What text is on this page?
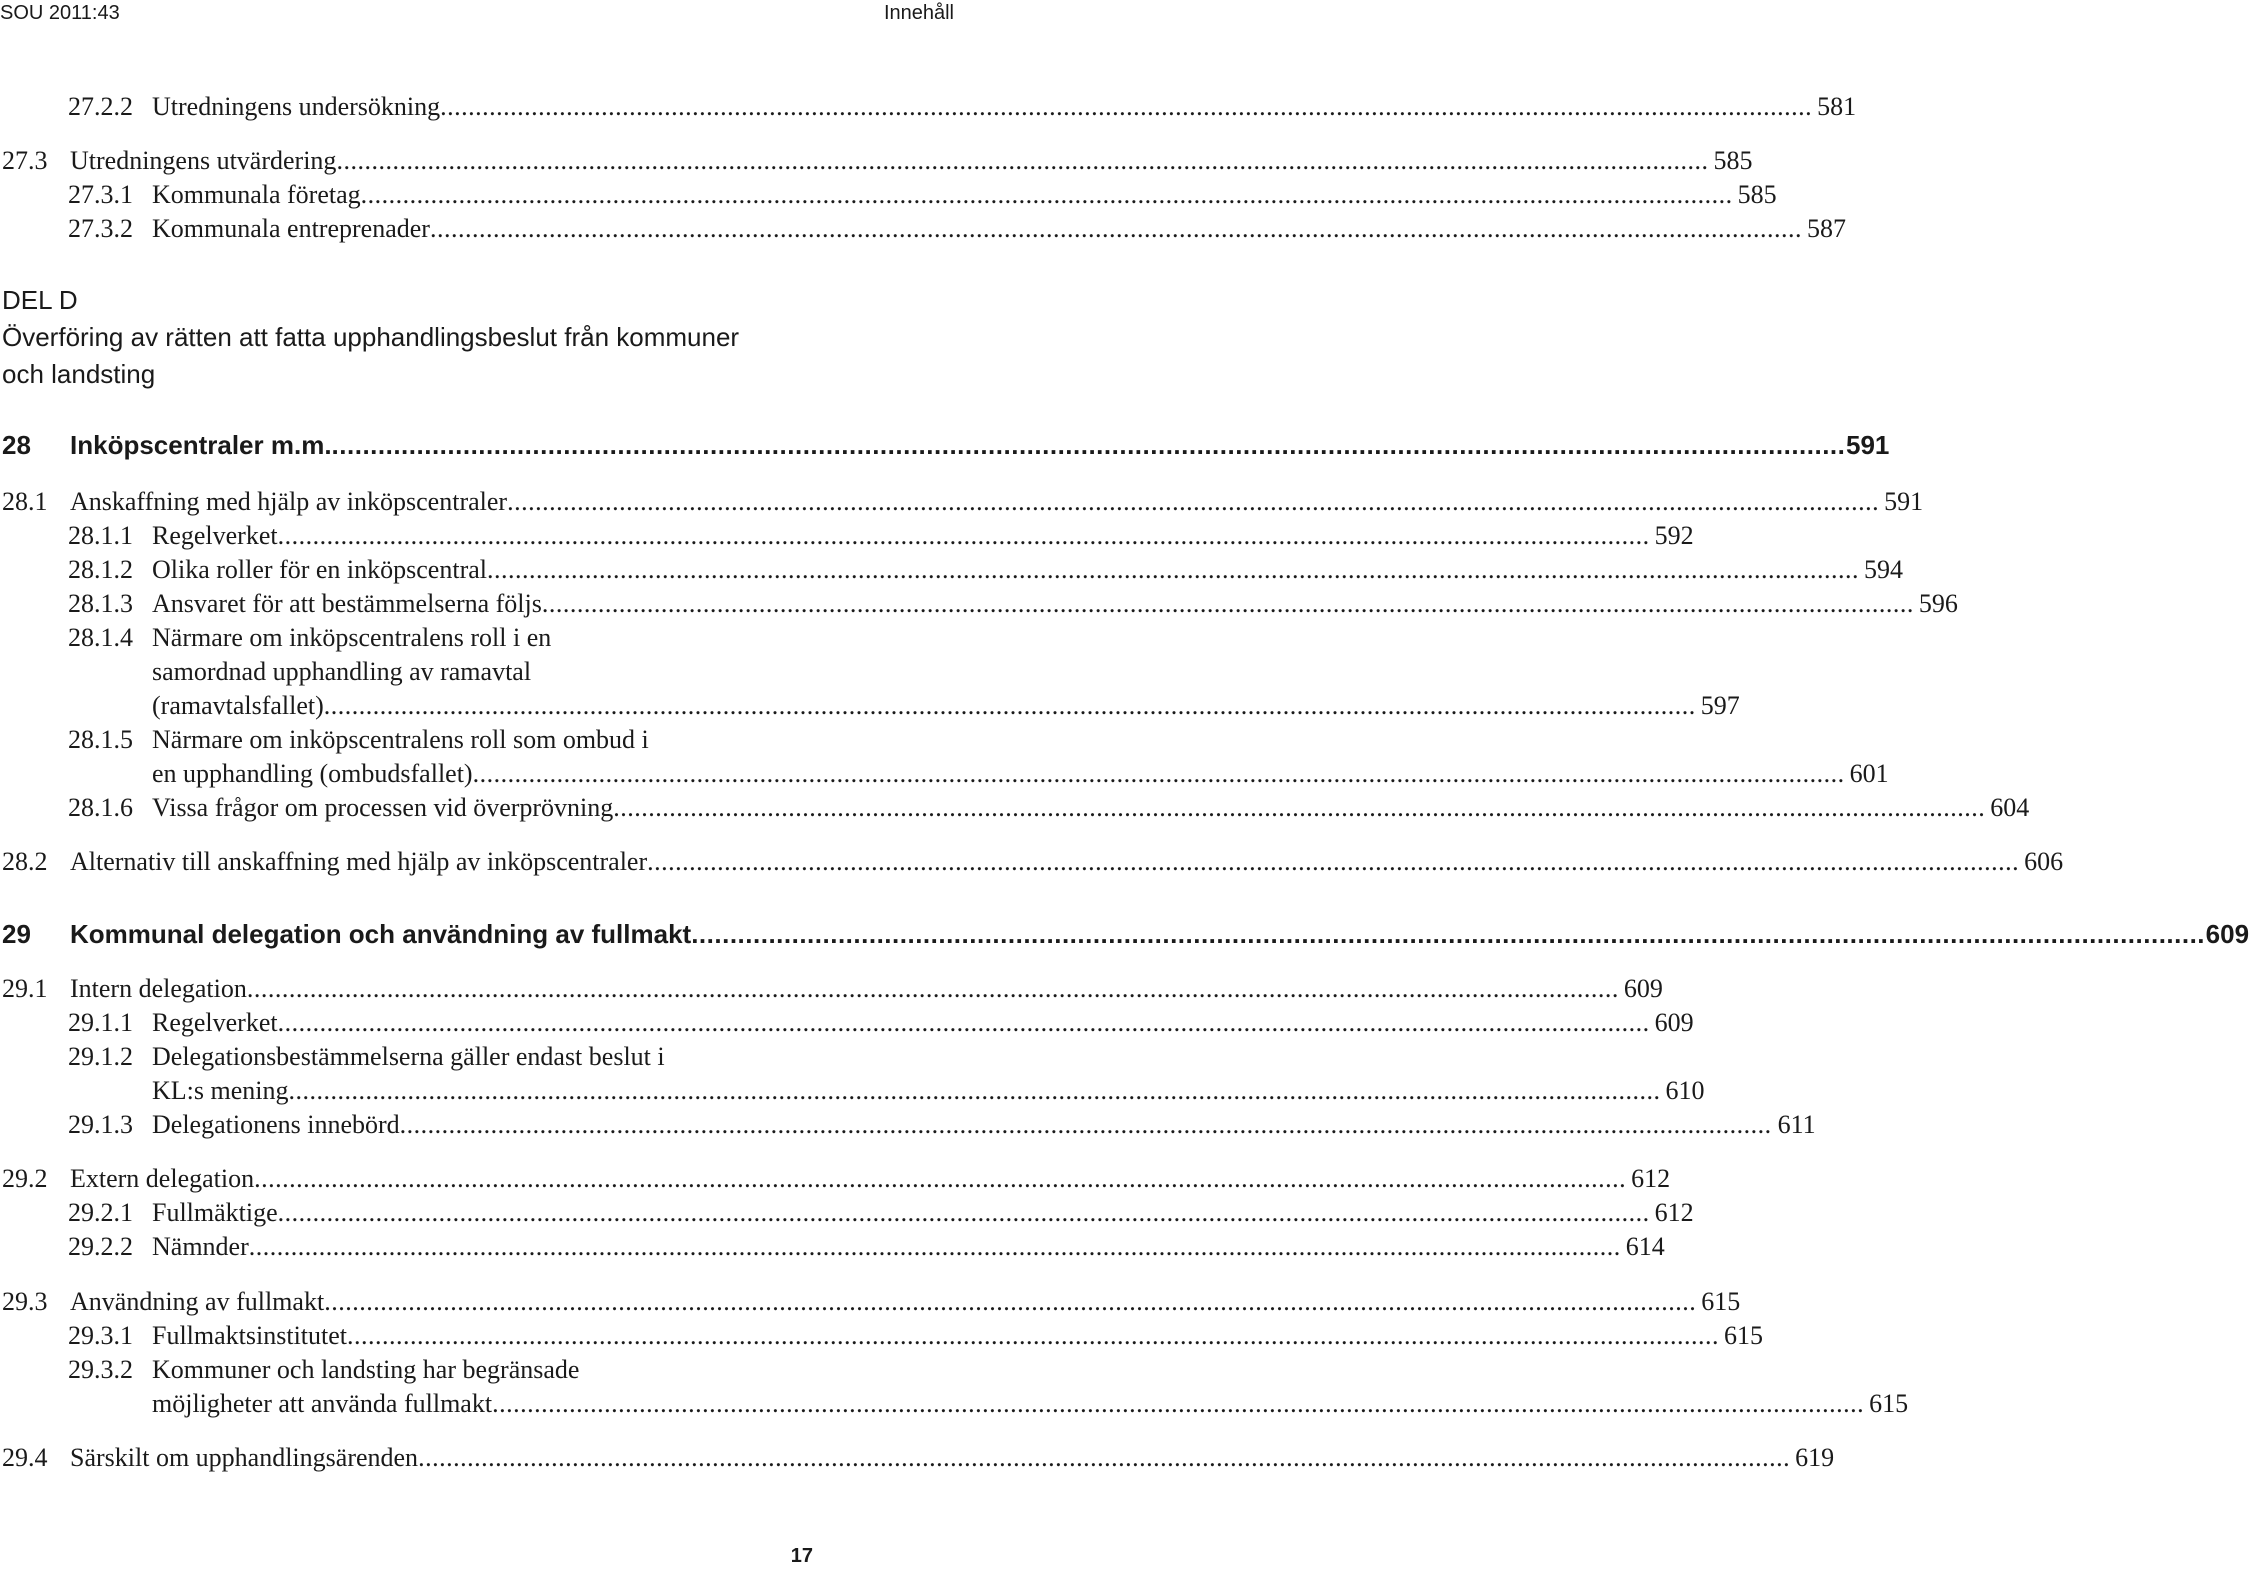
SOU 2011:43	Innehåll
27.2.2 Utredningens undersökning .....	581
27.3 Utredningens utvärdering .....	585
27.3.1 Kommunala företag .....	585
27.3.2 Kommunala entreprenader .....	587
DEL D
Överföring av rätten att fatta upphandlingsbeslut från kommuner
och landsting
28	Inköpscentraler m.m. .....	591
28.1 Anskaffning med hjälp av inköpscentraler .....	591
28.1.1 Regelverket .....	592
28.1.2 Olika roller för en inköpscentral .....	594
28.1.3 Ansvaret för att bestämmelserna följs .....	596
28.1.4 Närmare om inköpscentralens roll i en
samordnad upphandling av ramavtal
(ramavtalsfallet) .....	597
28.1.5 Närmare om inköpscentralens roll som ombud i
en upphandling (ombudsfallet) .....	601
28.1.6 Vissa frågor om processen vid överprövning .....	604
28.2 Alternativ till anskaffning med hjälp av inköpscentraler .....	606
29	Kommunal delegation och användning av fullmakt .....	609
29.1 Intern delegation .....	609
29.1.1 Regelverket .....	609
29.1.2 Delegationsbestämmelserna gäller endast beslut i
KL:s mening .....	610
29.1.3 Delegationens innebörd .....	611
29.2 Extern delegation .....	612
29.2.1 Fullmäktige .....	612
29.2.2 Nämnder .....	614
29.3 Användning av fullmakt .....	615
29.3.1 Fullmaktsinstitutet .....	615
29.3.2 Kommuner och landsting har begränsade
möjligheter att använda fullmakt .....	615
29.4 Särskilt om upphandlingsärenden .....	619
17
